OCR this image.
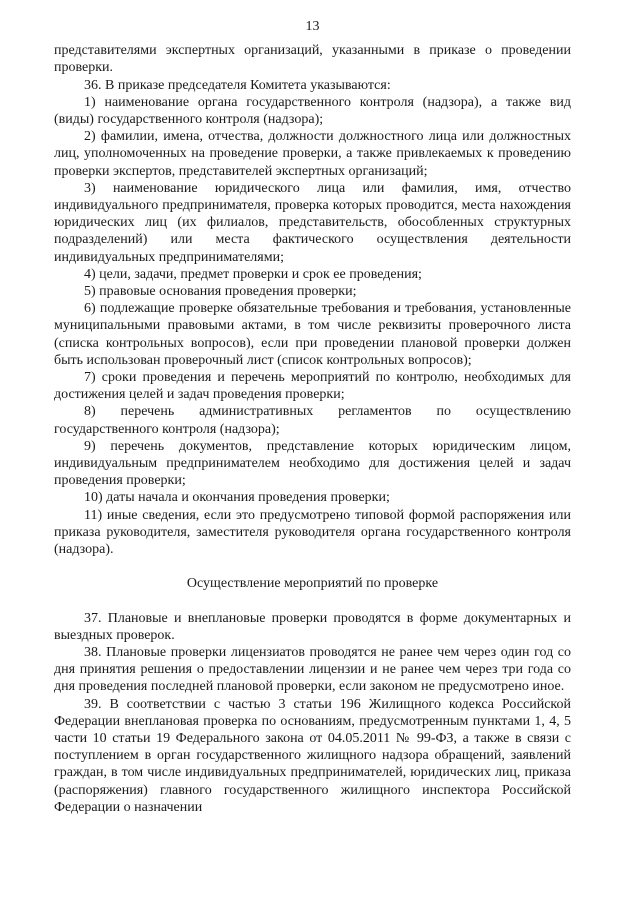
13

представителями экспертных организаций, указанными в приказе о проведении проверки.

36. В приказе председателя Комитета указываются:

1) наименование органа государственного контроля (надзора), а также вид (виды) государственного контроля (надзора);

2) фамилии, имена, отчества, должности должностного лица или должностных лиц, уполномоченных на проведение проверки, а также привлекаемых к проведению проверки экспертов, представителей экспертных организаций;

3) наименование юридического лица или фамилия, имя, отчество индивидуального предпринимателя, проверка которых проводится, места нахождения юридических лиц (их филиалов, представительств, обособленных структурных подразделений) или места фактического осуществления деятельности индивидуальных предпринимателями;

4) цели, задачи, предмет проверки и срок ее проведения;

5) правовые основания проведения проверки;

6) подлежащие проверке обязательные требования и требования, установленные муниципальными правовыми актами, в том числе реквизиты проверочного листа (списка контрольных вопросов), если при проведении плановой проверки должен быть использован проверочный лист (список контрольных вопросов);

7) сроки проведения и перечень мероприятий по контролю, необходимых для достижения целей и задач проведения проверки;

8) перечень административных регламентов по осуществлению государственного контроля (надзора);

9) перечень документов, представление которых юридическим лицом, индивидуальным предпринимателем необходимо для достижения целей и задач проведения проверки;

10) даты начала и окончания проведения проверки;

11) иные сведения, если это предусмотрено типовой формой распоряжения или приказа руководителя, заместителя руководителя органа государственного контроля (надзора).

Осуществление мероприятий по проверке

37. Плановые и внеплановые проверки проводятся в форме документарных и выездных проверок.

38. Плановые проверки лицензиатов проводятся не ранее чем через один год со дня принятия решения о предоставлении лицензии и не ранее чем через три года со дня проведения последней плановой проверки, если законом не предусмотрено иное.

39. В соответствии с частью 3 статьи 196 Жилищного кодекса Российской Федерации внеплановая проверка по основаниям, предусмотренным пунктами 1, 4, 5 части 10 статьи 19 Федерального закона от 04.05.2011 № 99-ФЗ, а также в связи с поступлением в орган государственного жилищного надзора обращений, заявлений граждан, в том числе индивидуальных предпринимателей, юридических лиц, приказа (распоряжения) главного государственного жилищного инспектора Российской Федерации о назначении
